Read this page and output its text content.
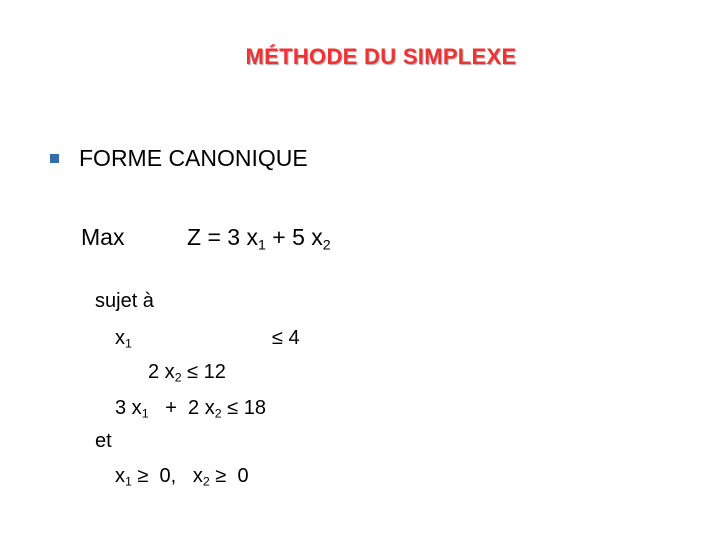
MÉTHODE DU SIMPLEXE
FORME CANONIQUE
Max	Z = 3 $x_1 + 5$ $x_2$
sujet à
$x_1$	≤ 4
2 $x_2 \le 12$
3 $x_1 + 2$ $x_2 \le 18$
et
$x_1 \ge 0$,   $x_2 \ge 0$
